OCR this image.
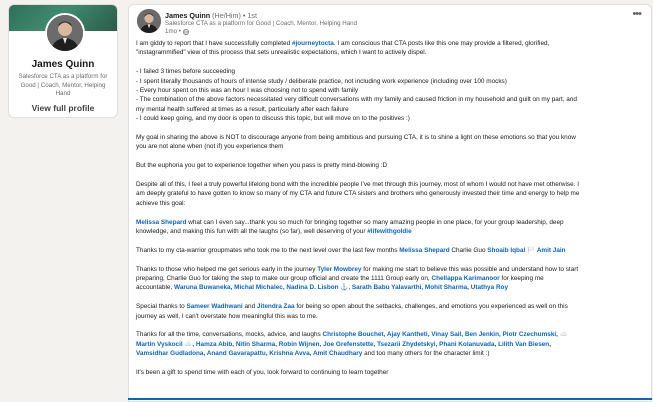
James Quinn
Salesforce CTA as a platform for Good | Coach, Mentor, Helping Hand
View full profile
James Quinn (He/Him) • 1st
Salesforce CTA as a platform for Good | Coach, Mentor, Helping Hand
1mo •
•••

I am giddy to report that I have successfully completed #journeytocta. I am conscious that CTA posts like this one may provide a filtered, glorified, "instagrammified" view of this process that sets unrealistic expectations, which I want to actively dispel.

- I failed 3 times before succeeding

- I spent literally thousands of hours of intense study / deliberate practice, not including work experience (including over 100 mocks)

- Every hour spent on this was an hour I was choosing not to spend with family

- The combination of the above factors necessitated very difficult conversations with my family and caused friction in my household and guilt on my part, and my mental health suffered at times as a result, particularly after each failure

- I could keep going, and my door is open to discuss this topic, but will move on to the positives :)

My goal in sharing the above is NOT to discourage anyone from being ambitious and pursuing CTA, it is to shine a light on these emotions so that you know you are not alone when (not if) you experience them

But the euphoria you get to experience together when you pass is pretty mind-blowing :D

Despite all of this, I feel a truly powerful lifelong bond with the incredible people I've met through this journey, most of whom I would not have met otherwise. I am deeply grateful to have gotten to know so many of my CTA and future CTA sisters and brothers who generously invested their time and energy to help me achieve this goal:

Melissa Shepard what can I even say...thank you so much for bringing together so many amazing people in one place, for your group leadership, deep knowledge, and making this fun with all the laughs (so far), well deserving of your #lifewithgoldie

Thanks to my cta-warrior groupmates who took me to the next level over the last few months Melissa Shepard Charlie Guo Shoaib Iqbal 🏳️ Amit Jain

Thanks to those who helped me get serious early in the journey Tyler Mowbrey for making me start to believe this was possible and understand how to start preparing, Charlie Guo for taking the step to make our group official and create the 1111 Group early on, Chellappa Karimanoor for keeping me accountable, Waruna Buwaneka, Michal Michalec, Nadina D. Lisbon ⚓, Sarath Babu Yalavarthi, Mohit Sharma, Utathya Roy

Special thanks to Sameer Wadhwani and Jitendra Zaa for being so open about the setbacks, challenges, and emotions you experienced as well on this journey as well, I can't overstate how meaningful this was to me.

Thanks for all the time, conversations, mocks, advice, and laughs Christophe Bouchet, Ajay Kantheti, Vinay Sail, Ben Jenkin, Piotr Czechumski, ☁️Martin Vyskocil ☁️, Hamza Abib, Nitin Sharma, Robin Wijnen, Joe Grefenstette, Tsezarii Zhydetskyi, Phani Kolanuvada, Lilith Van Biesen, Vamsidhar Gudladona, Anand Gavarapattu, Krishna Avva, Amit Chaudhary and too many others for the character limit :)

It's been a gift to spend time with each of you, look forward to continuing to learn together
